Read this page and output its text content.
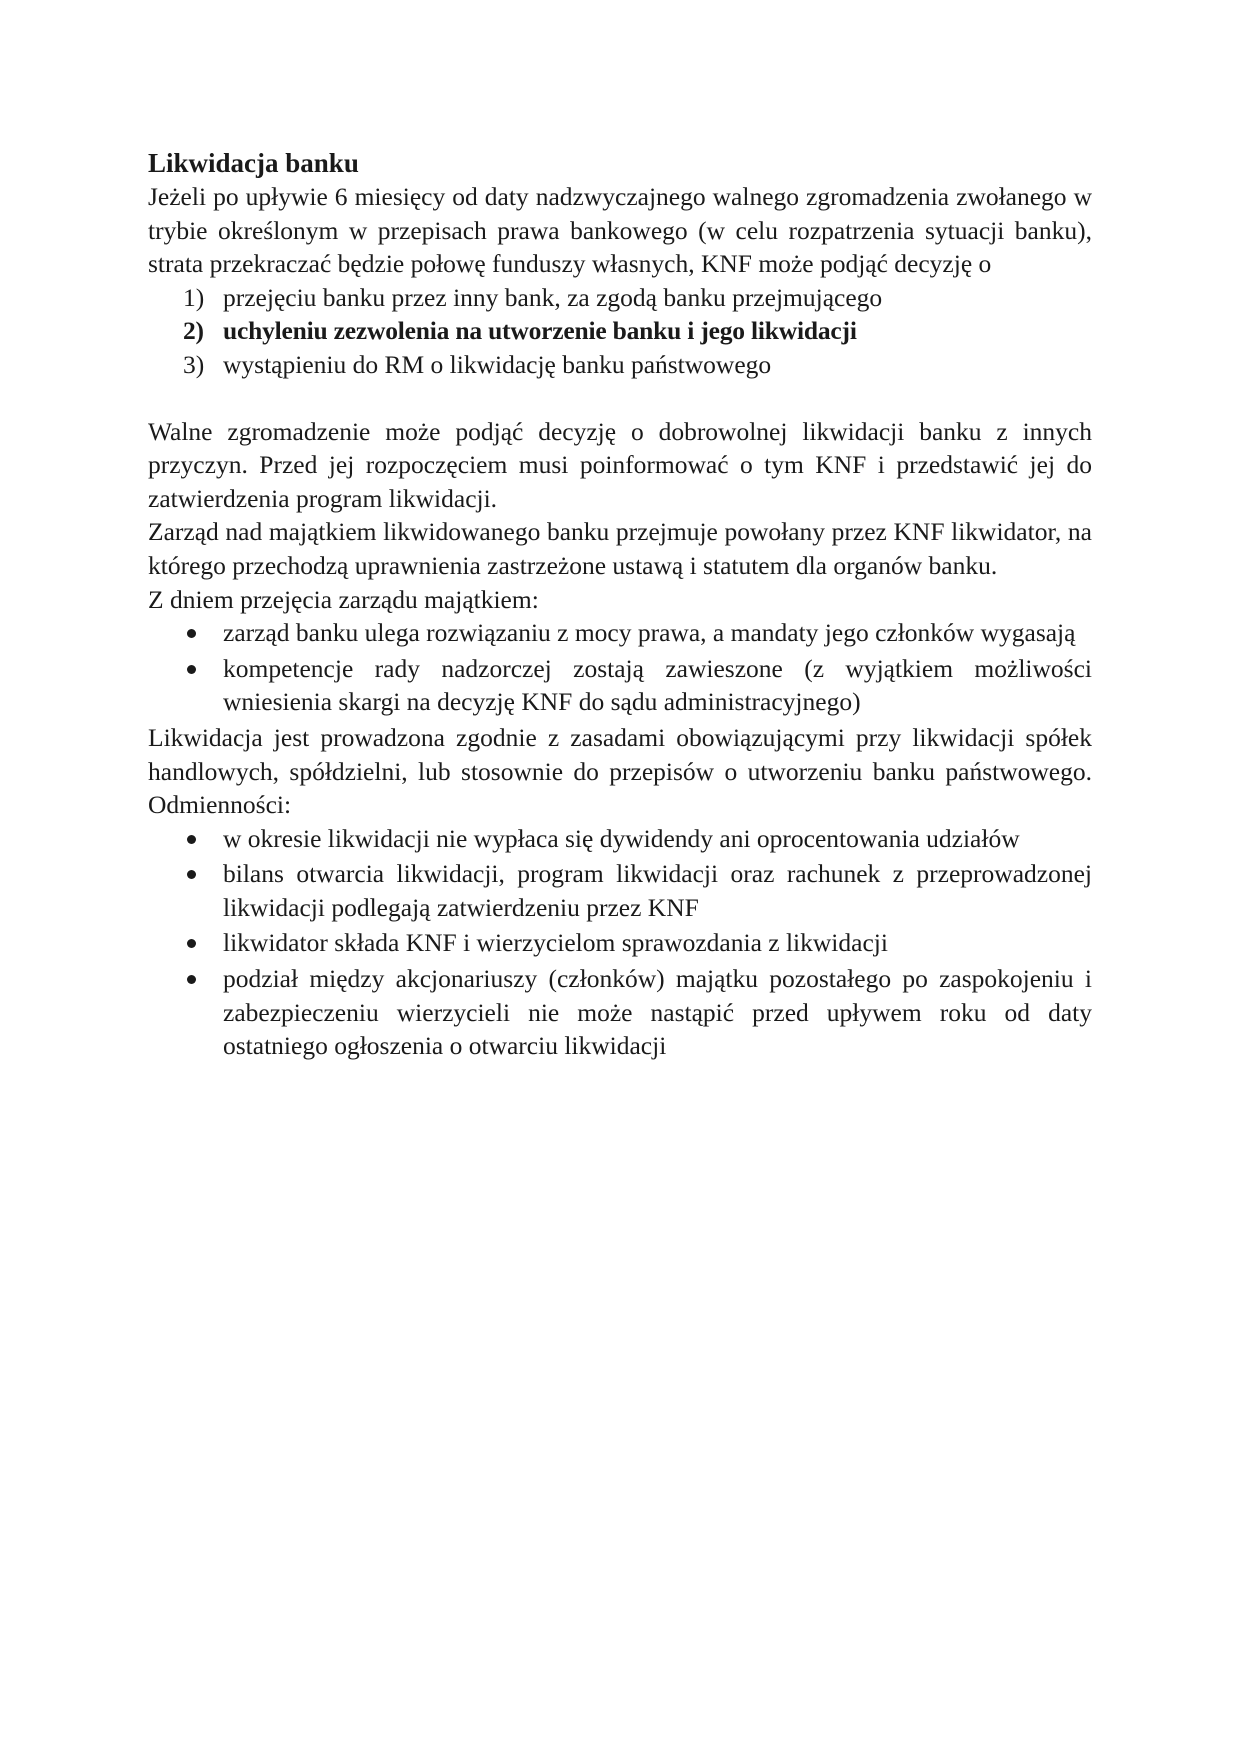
Likwidacja banku

Jeżeli po upływie 6 miesięcy od daty nadzwyczajnego walnego zgromadzenia zwołanego w trybie określonym w przepisach prawa bankowego (w celu rozpatrzenia sytuacji banku), strata przekraczać będzie połowę funduszy własnych, KNF może podjąć decyzję o

1) przejęciu banku przez inny bank, za zgodą banku przejmującego
2) uchyleniu zezwolenia na utworzenie banku i jego likwidacji
3) wystąpieniu do RM o likwidację banku państwowego

Walne zgromadzenie może podjąć decyzję o dobrowolnej likwidacji banku z innych przyczyn. Przed jej rozpoczęciem musi poinformować o tym KNF i przedstawić jej do zatwierdzenia program likwidacji.

Zarząd nad majątkiem likwidowanego banku przejmuje powołany przez KNF likwidator, na którego przechodzą uprawnienia zastrzeżone ustawą i statutem dla organów banku.

Z dniem przejęcia zarządu majątkiem:

zarząd banku ulega rozwiązaniu z mocy prawa, a mandaty jego członków wygasają
kompetencje rady nadzorczej zostają zawieszone (z wyjątkiem możliwości wniesienia skargi na decyzję KNF do sądu administracyjnego)

Likwidacja jest prowadzona zgodnie z zasadami obowiązującymi przy likwidacji spółek handlowych, spółdzielni, lub stosownie do przepisów o utworzeniu banku państwowego. Odmienności:

w okresie likwidacji nie wypłaca się dywidendy ani oprocentowania udziałów
bilans otwarcia likwidacji, program likwidacji oraz rachunek z przeprowadzonej likwidacji podlegają zatwierdzeniu przez KNF
likwidator składa KNF i wierzycielom sprawozdania z likwidacji
podział między akcjonariuszy (członków) majątku pozostałego po zaspokojeniu i zabezpieczeniu wierzycieli nie może nastąpić przed upływem roku od daty ostatniego ogłoszenia o otwarciu likwidacji
